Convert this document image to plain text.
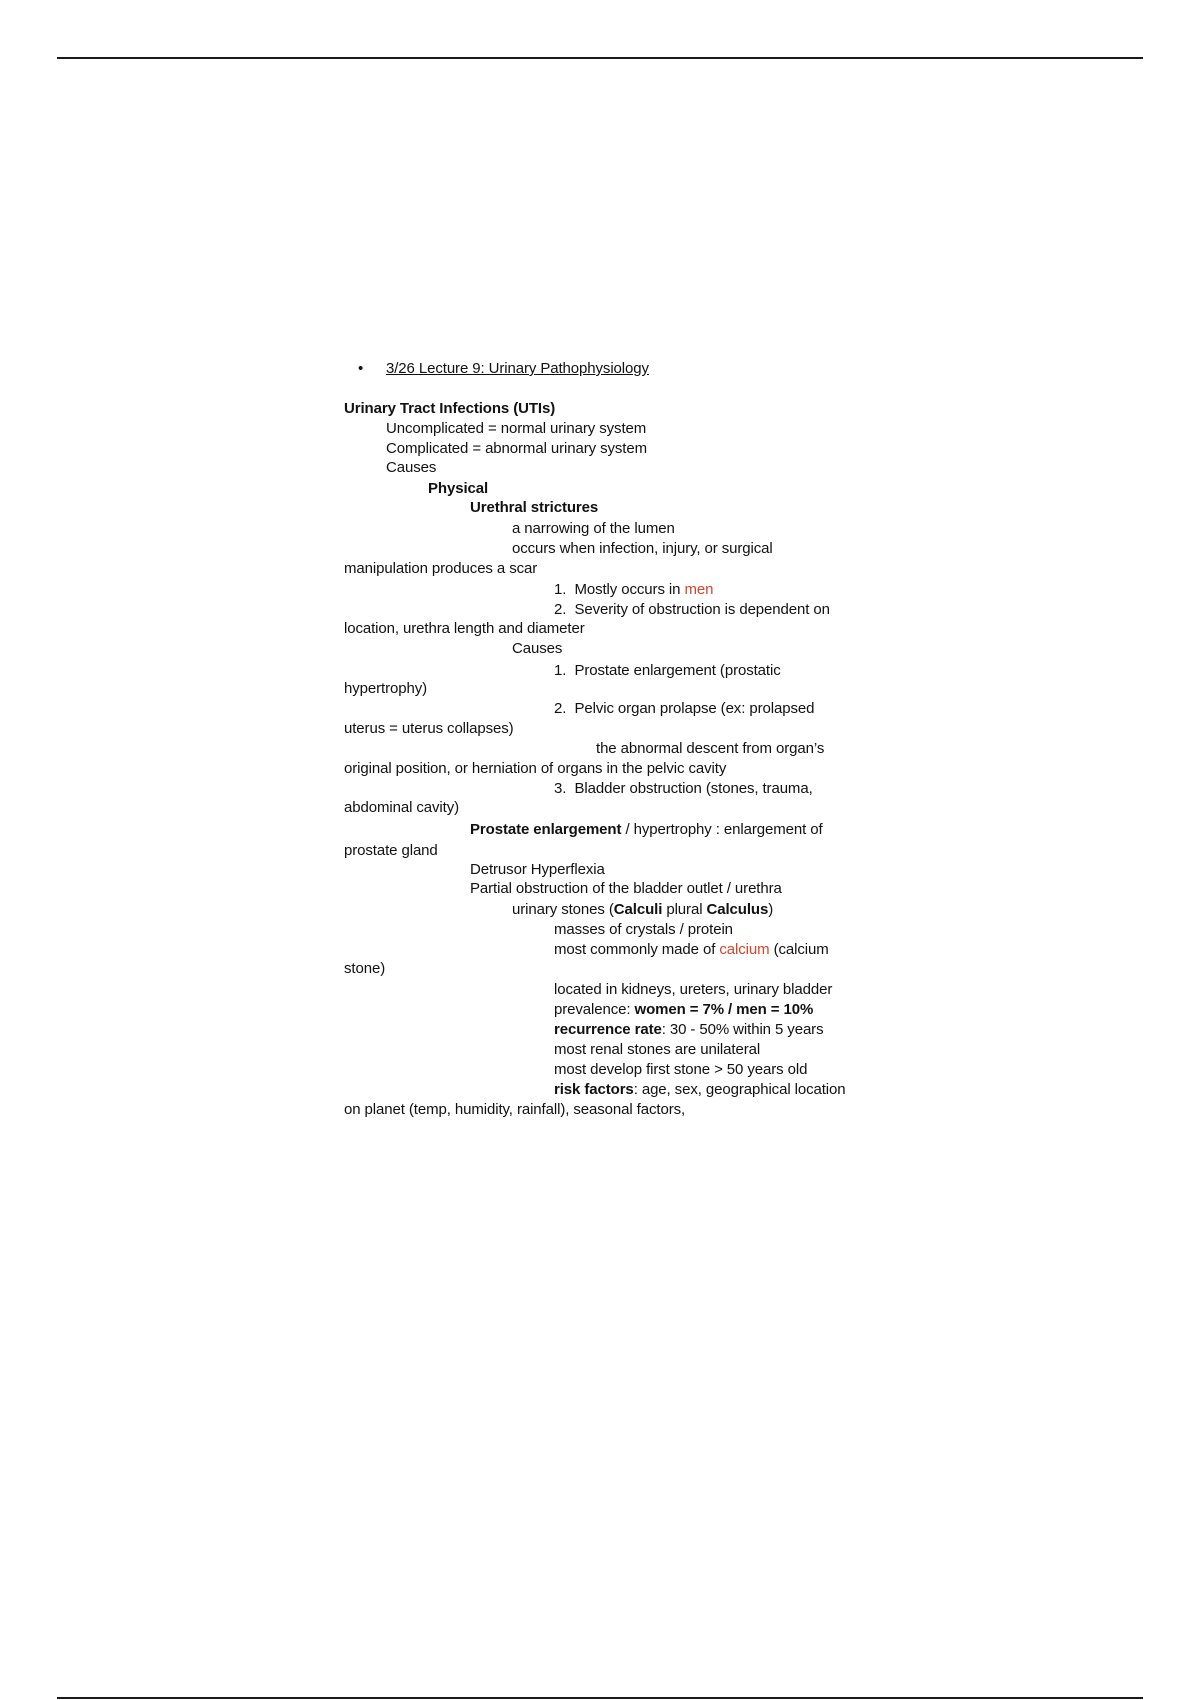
• 3/26 Lecture 9: Urinary Pathophysiology
Urinary Tract Infections (UTIs)
Uncomplicated = normal urinary system
Complicated = abnormal urinary system
Causes
Physical
Urethral strictures
a narrowing of the lumen
occurs when infection, injury, or surgical
manipulation produces a scar
1. Mostly occurs in men
2. Severity of obstruction is dependent on
location, urethra length and diameter
Causes
1. Prostate enlargement (prostatic
hypertrophy)
2. Pelvic organ prolapse (ex: prolapsed
uterus = uterus collapses)
the abnormal descent from organ’s
original position, or herniation of organs in the pelvic cavity
3. Bladder obstruction (stones, trauma,
abdominal cavity)
Prostate enlargement / hypertrophy : enlargement of
prostate gland
Detrusor Hyperflexia
Partial obstruction of the bladder outlet / urethra
urinary stones (Calculi plural Calculus)
masses of crystals / protein
most commonly made of calcium (calcium
stone)
located in kidneys, ureters, urinary bladder
prevalence: women = 7% / men = 10%
recurrence rate: 30 - 50% within 5 years
most renal stones are unilateral
most develop first stone > 50 years old
risk factors: age, sex, geographical location
on planet (temp, humidity, rainfall), seasonal factors,
